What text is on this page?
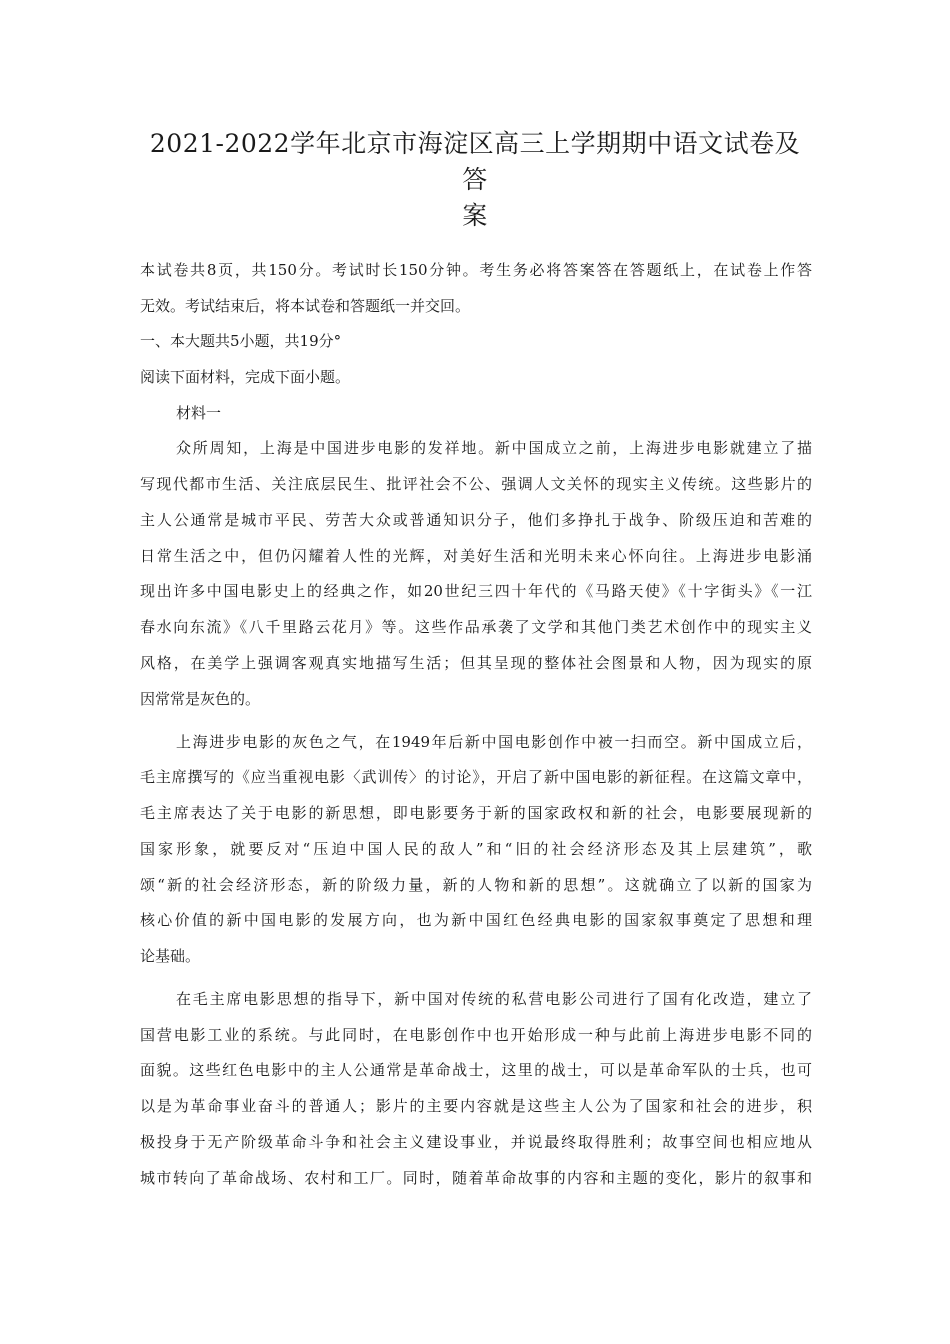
2021-2022学年北京市海淀区高三上学期期中语文试卷及答
案
本试卷共8页，共150分。考试时长150分钟。考生务必将答案答在答题纸上，在试卷上作答
无效。考试结束后，将本试卷和答题纸一并交回。
一、本大题共5小题，共19分°
阅读下面材料，完成下面小题。
材料一
众所周知，上海是中国进步电影的发祥地。新中国成立之前，上海进步电影就建立了描
写现代都市生活、关注底层民生、批评社会不公、强调人文关怀的现实主义传统。这些影片的
主人公通常是城市平民、劳苦大众或普通知识分子，他们多挣扎于战争、阶级压迫和苦难的
日常生活之中，但仍闪耀着人性的光辉，对美好生活和光明未来心怀向往。上海进步电影涌
现出许多中国电影史上的经典之作，如20世纪三四十年代的《马路天使》《十字街头》《一江
春水向东流》《八千里路云花月》等。这些作品承袭了文学和其他门类艺术创作中的现实主义
风格，在美学上强调客观真实地描写生活；但其呈现的整体社会图景和人物，因为现实的原
因常常是灰色的。
上海进步电影的灰色之气，在1949年后新中国电影创作中被一扫而空。新中国成立后，
毛主席撰写的《应当重视电影〈武训传〉的讨论》，开启了新中国电影的新征程。在这篇文章中，
毛主席表达了关于电影的新思想，即电影要务于新的国家政权和新的社会，电影要展现新的
国家形象，就要反对“压迫中国人民的敌人”和“旧的社会经济形态及其上层建筑”，歌
颂“新的社会经济形态，新的阶级力量，新的人物和新的思想”。这就确立了以新的国家为
核心价值的新中国电影的发展方向，也为新中国红色经典电影的国家叙事奠定了思想和理
论基础。
在毛主席电影思想的指导下，新中国对传统的私营电影公司进行了国有化改造，建立了
国营电影工业的系统。与此同时，在电影创作中也开始形成一种与此前上海进步电影不同的
面貌。这些红色电影中的主人公通常是革命战士，这里的战士，可以是革命军队的士兵，也可
以是为革命事业奋斗的普通人；影片的主要内容就是这些主人公为了国家和社会的进步，积
极投身于无产阶级革命斗争和社会主义建设事业，并说最终取得胜利；故事空间也相应地从
城市转向了革命战场、农村和工厂。同时，随着革命故事的内容和主题的变化，影片的叙事和
